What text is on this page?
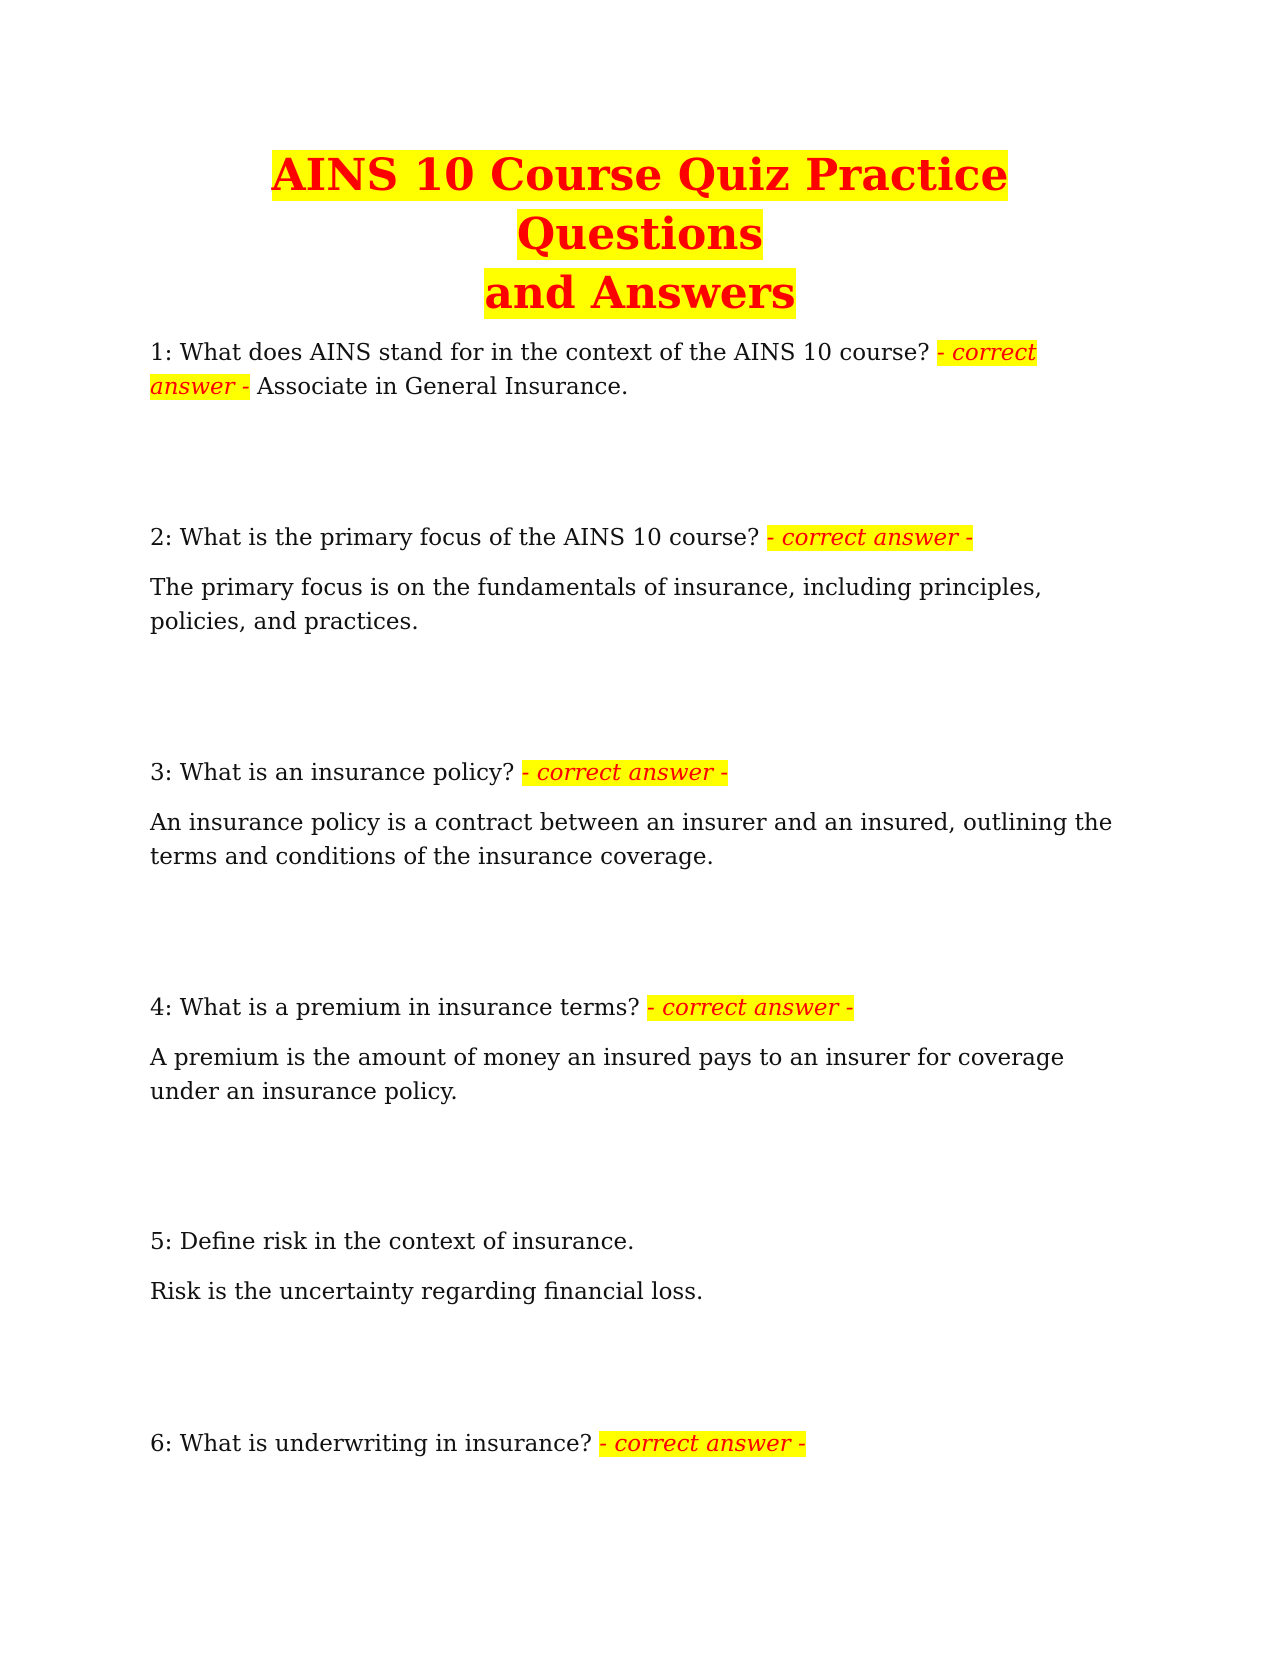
AINS 10 Course Quiz Practice Questions
and Answers

1: What does AINS stand for in the context of the AINS 10 course? - correct
answer - Associate in General Insurance.

2: What is the primary focus of the AINS 10 course? - correct answer -

The primary focus is on the fundamentals of insurance, including principles, policies, and practices.

3: What is an insurance policy? - correct answer -

An insurance policy is a contract between an insurer and an insured, outlining the terms and conditions of the insurance coverage.

4: What is a premium in insurance terms? - correct answer -

A premium is the amount of money an insured pays to an insurer for coverage under an insurance policy.

5: Define risk in the context of insurance.

Risk is the uncertainty regarding financial loss.

6: What is underwriting in insurance? - correct answer -
